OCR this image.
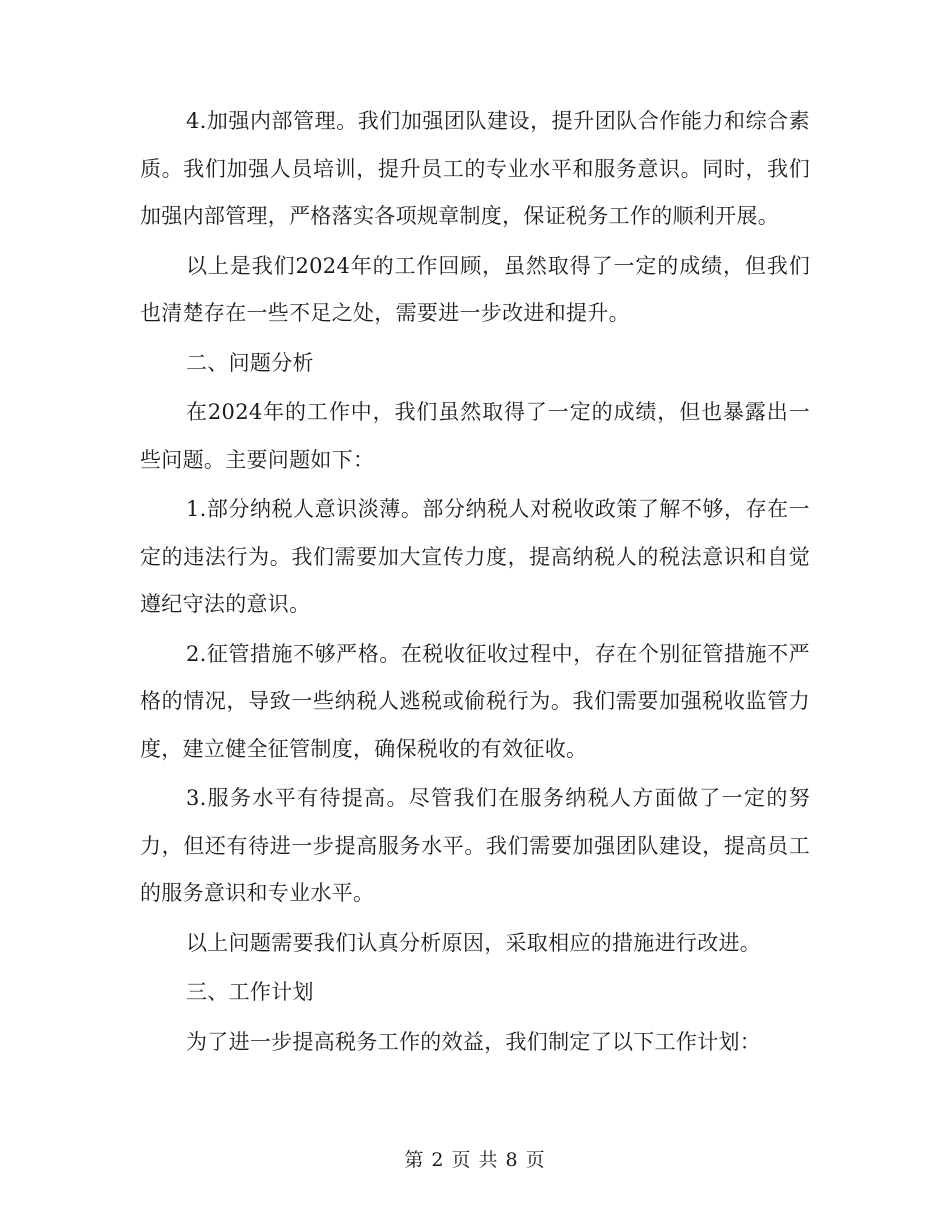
4.加强内部管理。我们加强团队建设，提升团队合作能力和综合素质。我们加强人员培训，提升员工的专业水平和服务意识。同时，我们加强内部管理，严格落实各项规章制度，保证税务工作的顺利开展。

以上是我们2024年的工作回顾，虽然取得了一定的成绩，但我们也清楚存在一些不足之处，需要进一步改进和提升。

二、问题分析

在2024年的工作中，我们虽然取得了一定的成绩，但也暴露出一些问题。主要问题如下：

1.部分纳税人意识淡薄。部分纳税人对税收政策了解不够，存在一定的违法行为。我们需要加大宣传力度，提高纳税人的税法意识和自觉遵纪守法的意识。

2.征管措施不够严格。在税收征收过程中，存在个别征管措施不严格的情况，导致一些纳税人逃税或偷税行为。我们需要加强税收监管力度，建立健全征管制度，确保税收的有效征收。

3.服务水平有待提高。尽管我们在服务纳税人方面做了一定的努力，但还有待进一步提高服务水平。我们需要加强团队建设，提高员工的服务意识和专业水平。

以上问题需要我们认真分析原因，采取相应的措施进行改进。

三、工作计划

为了进一步提高税务工作的效益，我们制定了以下工作计划：

第 2 页 共 8 页
